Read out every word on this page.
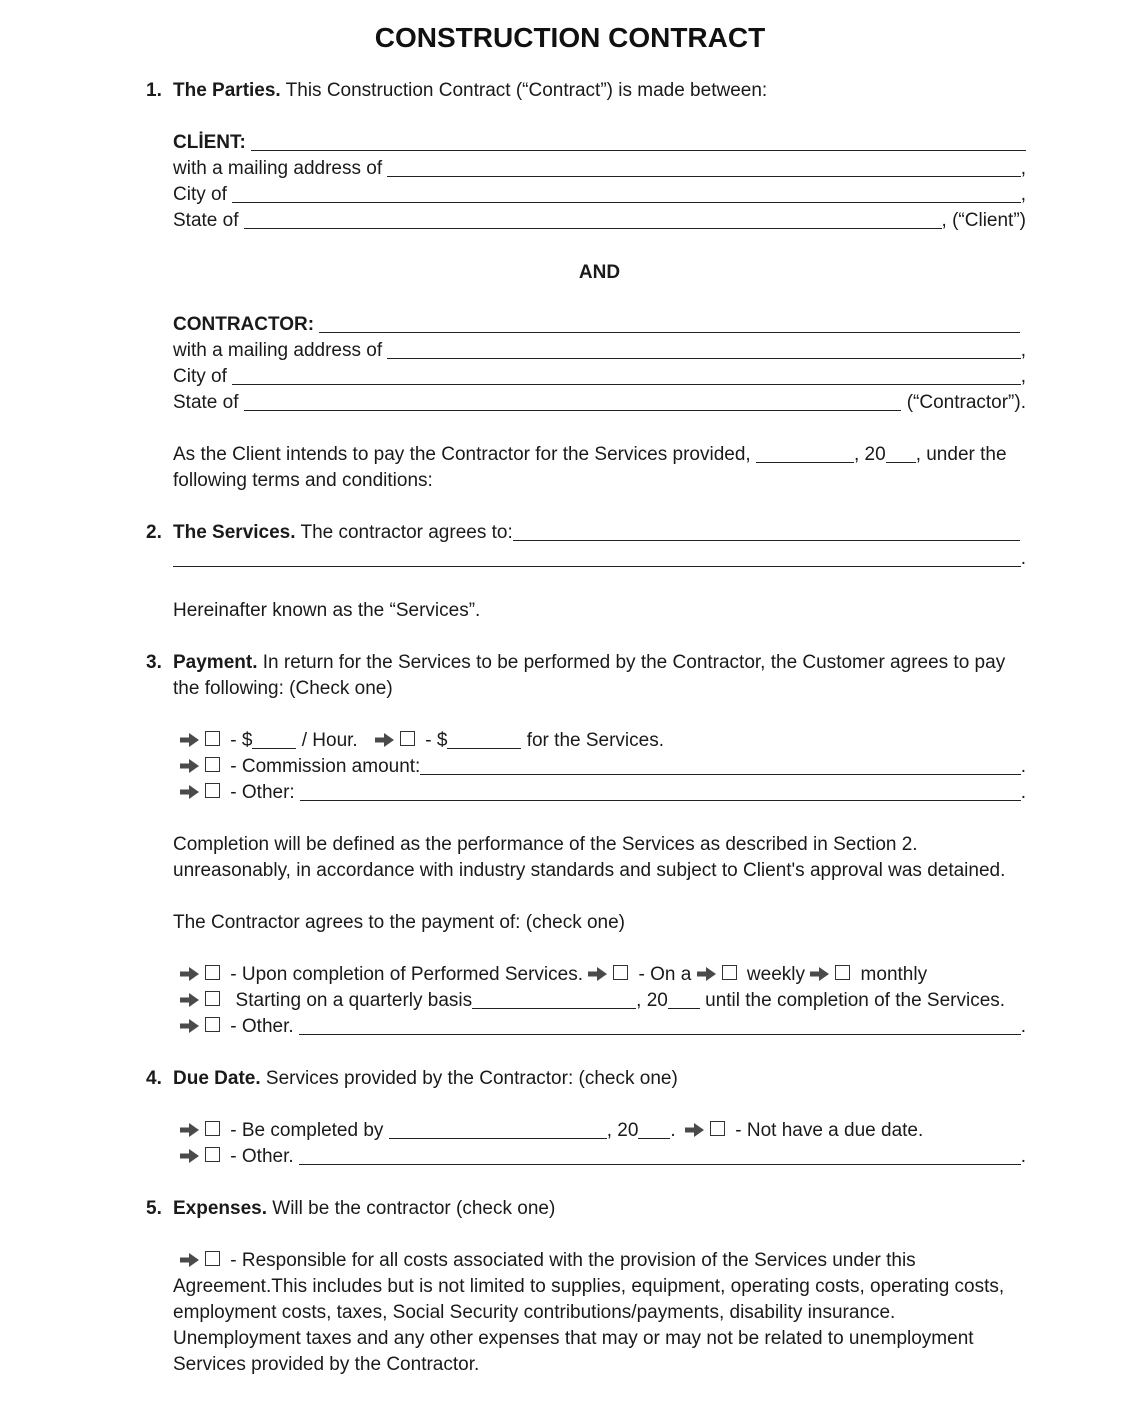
CONSTRUCTION CONTRACT
1. The Parties. This Construction Contract (“Contract”) is made between:
CLİENT:

with a mailing address of	,
City of	,
State of	, (“Client”)
AND
CONTRACTOR:

with a mailing address of	,
City of	,
State of	(“Contractor”).
As the Client intends to pay the Contractor for the Services provided,	, 20 , under the
following terms and conditions:
2. The Services. The contractor agrees to:
.
Hereinafter known as the “Services”.
3. Payment. In return for the Services to be performed by the Contractor, the Customer agrees to pay
the following: (Check one)
- $ / Hour.	- $	for the Services.
- Commission amount:	.
- Other:	.
Completion will be defined as the performance of the Services as described in Section 2.
unreasonably, in accordance with industry standards and subject to Client's approval was detained.
The Contractor agrees to the payment of: (check one)
- Upon completion of Performed Services. - On a weekly monthly
Starting on a quarterly basis	, 20 until the completion of the Services.
- Other.	.
4. Due Date. Services provided by the Contractor: (check one)
- Be completed by	, 20 .	- Not have a due date.
- Other.	.
5. Expenses. Will be the contractor (check one)
- Responsible for all costs associated with the provision of the Services under this
Agreement.This includes but is not limited to supplies, equipment, operating costs, operating costs,
employment costs, taxes, Social Security contributions/payments, disability insurance.
Unemployment taxes and any other expenses that may or may not be related to unemployment
Services provided by the Contractor.
